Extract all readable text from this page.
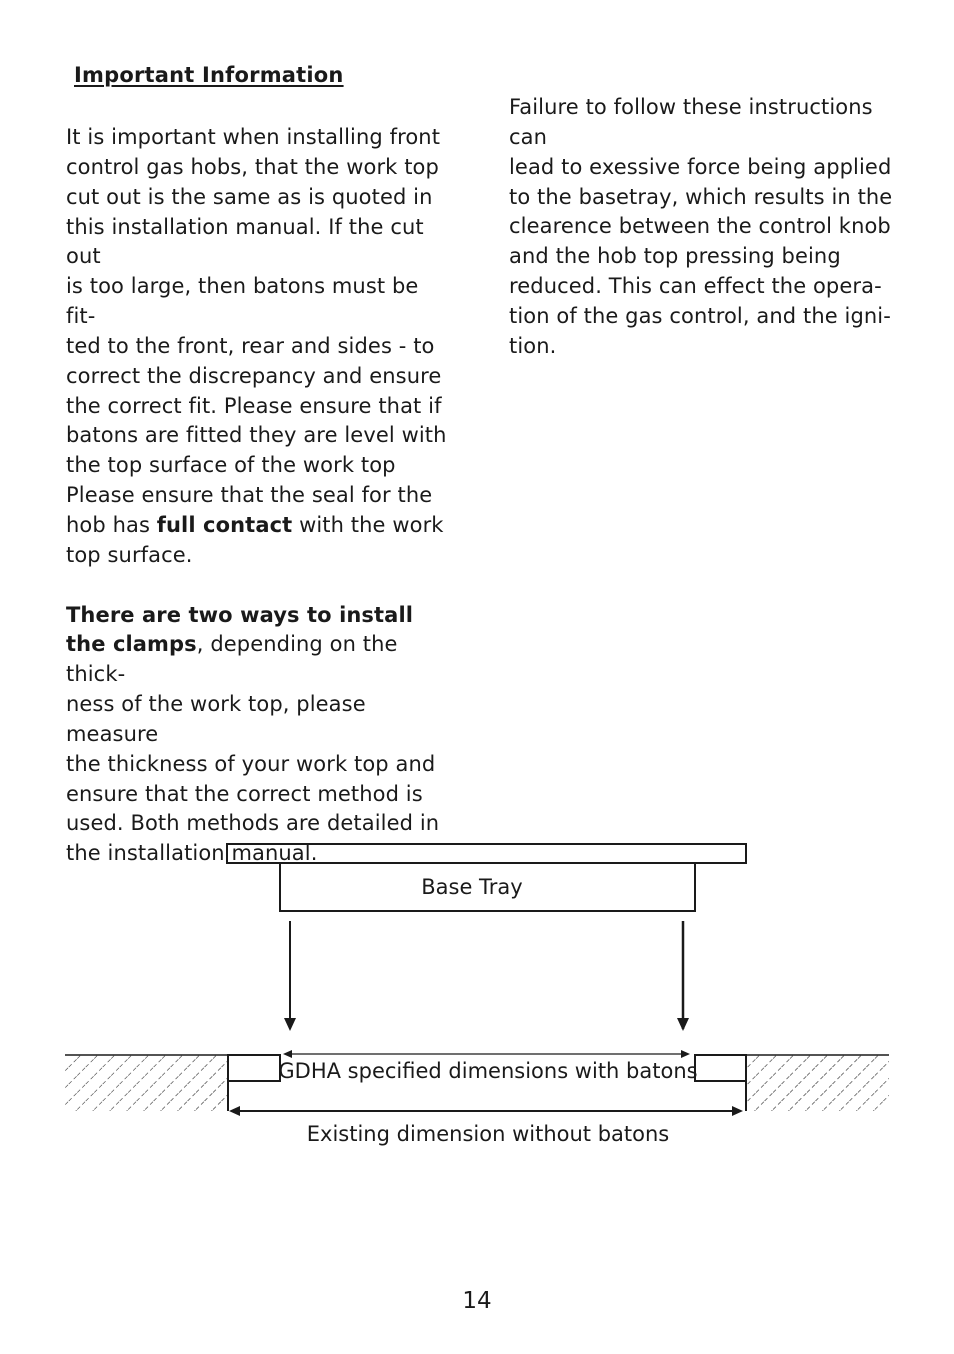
Important Information

It is important when installing front

control gas hobs, that the work top

cut out is the same as is quoted in

this installation manual. If the cut out

is too large, then batons must be fit-

ted to the front, rear and sides - to

correct the discrepancy and ensure

the correct fit. Please ensure that if

batons are fitted they are level with

the top surface of the work top

Please ensure that the seal for the

hob has full contact with the work

top surface.

There are two ways to install

the clamps, depending on the thick-

ness of the work top, please measure

the thickness of your work top and

ensure that the correct method is

used. Both methods are detailed in

the installation manual.

Failure to follow these instructions can

lead to exessive force being applied

to the basetray, which results in the

clearence between the control knob

and the hob top pressing being

reduced. This can effect the opera-

tion of the gas control, and the igni-

tion.

Base Tray
GDHA specified dimensions with batons
Existing dimension without batons
14
